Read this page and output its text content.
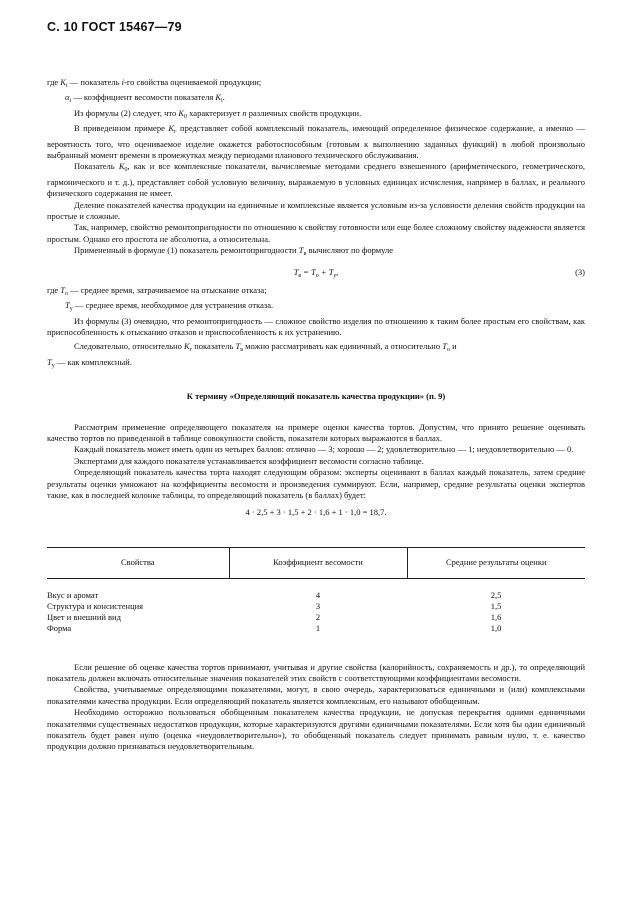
С. 10 ГОСТ 15467—79

где $K_i$ — показатель i-го свойства оцениваемой продукции;

$\alpha_i$ — коэффициент весомости показателя $K_i$.

Из формулы (2) следует, что $K_0$ характеризует n различных свойств продукции.

В приведенном примере $K_г$ представляет собой комплексный показатель, имеющий определенное физическое содержание, а именно — вероятность того, что оцениваемое изделие окажется работоспособным (готовым к выполнению заданных функций) в любой произвольно выбранный момент времени в промежутках между периодами планового технического обслуживания.

Показатель $K_0$, как и все комплексные показатели, вычисляемые методами среднего взвешенного (арифметического, геометрического, гармонического и т. д.), представляет собой условную величину, выражаемую в условных единицах исчисления, например в баллах, и реального физического содержания не имеет.

Деление показателей качества продукции на единичные и комплексные является условным из-за условности деления свойств продукции на простые и сложные.

Так, например, свойство ремонтопригодности по отношению к свойству готовности или еще более сложному свойству надежности является простым. Однако его простота не абсолютна, а относительна.

Примененный в формуле (1) показатель ремонтопригодности $T_в$ вычисляют по формуле

$T_в = T_о + T_у$,	(3)

где $T_о$ — среднее время, затрачиваемое на отыскание отказа;

$T_у$ — среднее время, необходимое для устранения отказа.

Из формулы (3) очевидно, что ремонтопригодность — сложное свойство изделия по отношению к таким более простым его свойствам, как приспособленность к отысканию отказов и приспособленность к их устранению.

Следовательно, относительно $K_г$ показатель $T_в$ можно рассматривать как единичный, а относительно $T_о$ и
$T_у$ — как комплексный.

К термину «Определяющий показатель качества продукции» (п. 9)

Рассмотрим применение определяющего показателя на примере оценки качества тортов. Допустим, что принято решение оценивать качество тортов по приведенной в таблице совокупности свойств, показатели которых выражаются в баллах.

Каждый показатель может иметь один из четырех баллов: отлично — 3; хорошо — 2; удовлетворительно — 1; неудовлетворительно — 0.

Экспертами для каждого показателя устанавливается коэффициент весомости согласно таблице.

Определяющий показатель качества торта находят следующим образом: эксперты оценивают в баллах каждый показатель, затем средние результаты оценки умножают на коэффициенты весомости и произведения суммируют. Если, например, средние результаты оценки экспертов такие, как в последней колонке таблицы, то определяющий показатель (в баллах) будет:

4 · 2,5 + 3 · 1,5 + 2 · 1,6 + 1 · 1,0 = 18,7.

Свойства	Коэффициент весомости	Средние результаты оценки
Вкус и аромат	4	2,5
Структура и консистенция	3	1,5
Цвет и внешний вид	2	1,6
Форма	1	1,0

Если решение об оценке качества тортов принимают, учитывая и другие свойства (калорийность, сохраняемость и др.), то определяющий показатель должен включать относительные значения показателей этих свойств с соответствующими коэффициентами весомости.

Свойства, учитываемые определяющими показателями, могут, в свою очередь, характеризоваться единичными и (или) комплексными показателями качества продукции. Если определяющий показатель является комплексным, его называют обобщенным.

Необходимо осторожно пользоваться обобщенным показателем качества продукции, не допуская перекрытия одними единичными показателями существенных недостатков продукции, которые характеризуются другими единичными показателями. Если хотя бы один единичный показатель будет равен нулю (оценка «неудовлетворительно»), то обобщенный показатель следует принимать равным нулю, т. е. качество продукции должно признаваться неудовлетворительным.
